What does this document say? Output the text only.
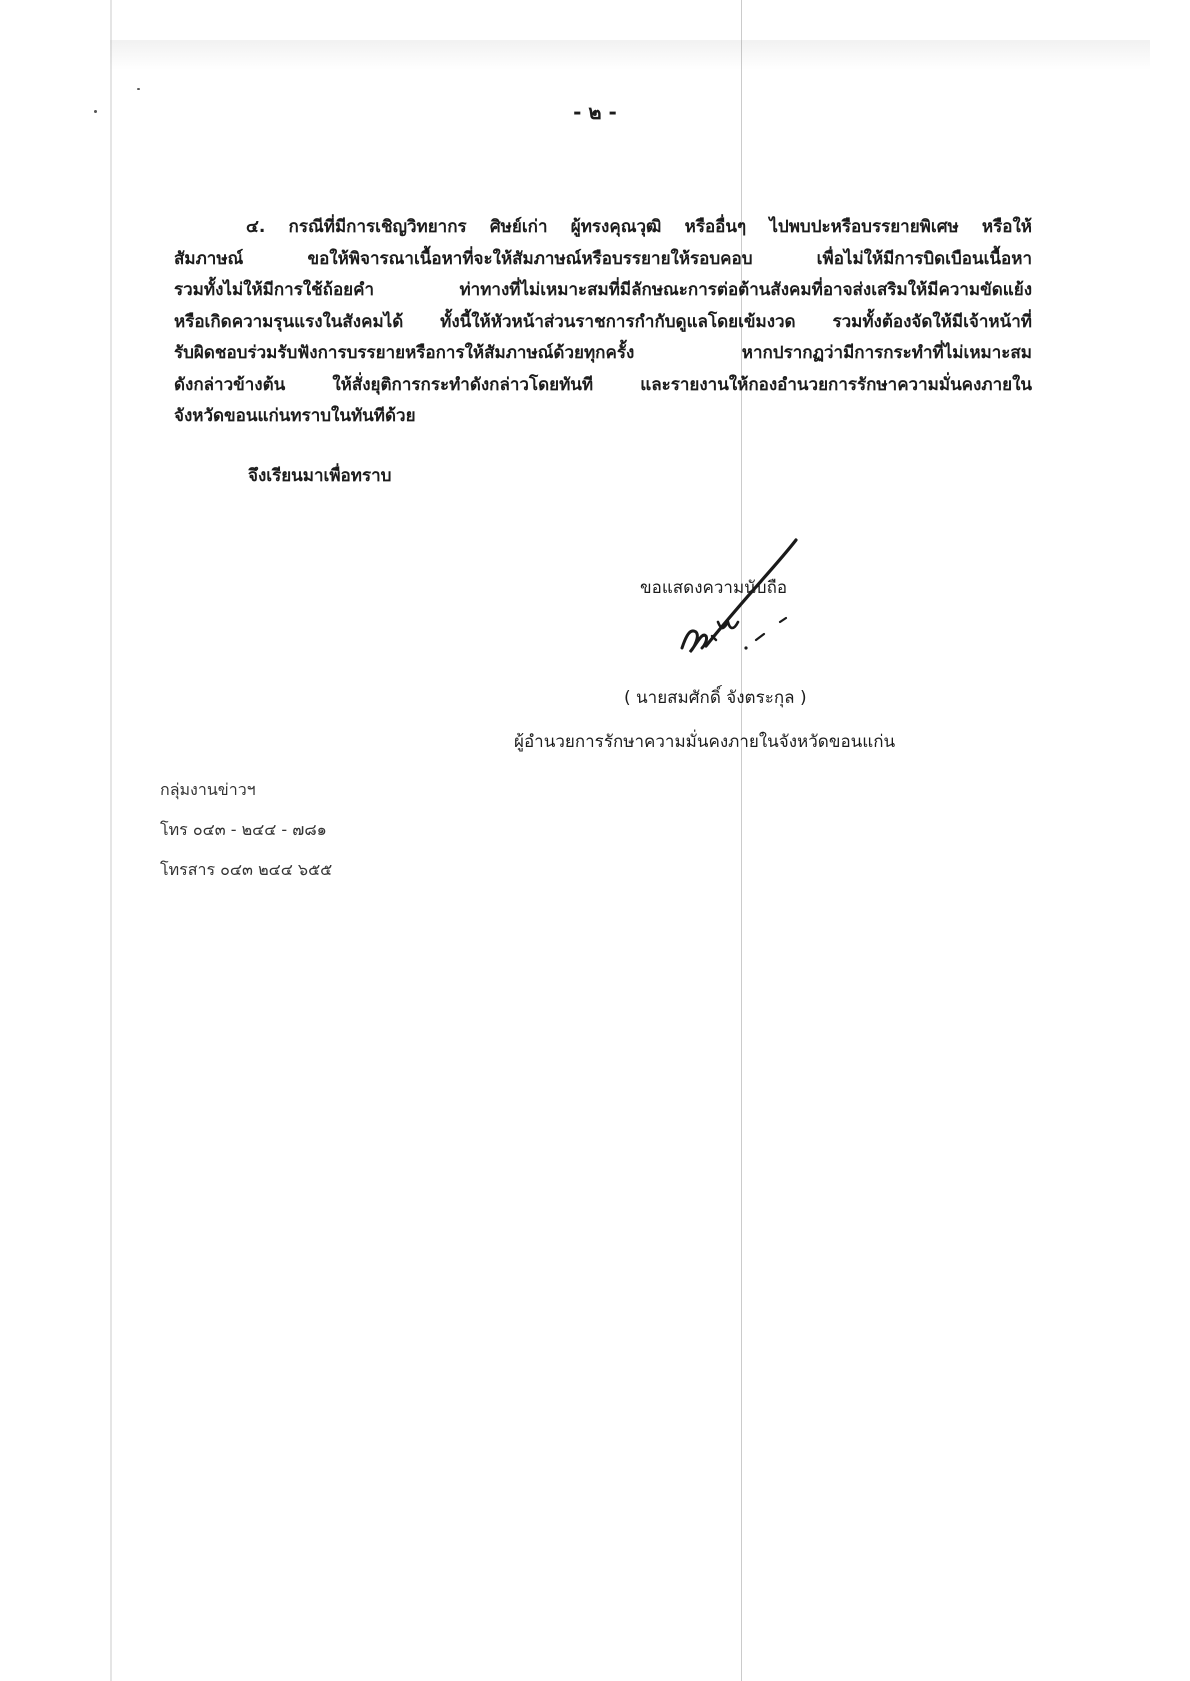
- ๒ -
๔. กรณีที่มีการเชิญวิทยากร ศิษย์เก่า ผู้ทรงคุณวุฒิ หรืออื่นๆ ไปพบปะหรือบรรยายพิเศษ หรือให้
สัมภาษณ์ ขอให้พิจารณาเนื้อหาที่จะให้สัมภาษณ์หรือบรรยายให้รอบคอบ เพื่อไม่ให้มีการบิดเบือนเนื้อหา
รวมทั้งไม่ให้มีการใช้ถ้อยคำ ท่าทางที่ไม่เหมาะสมที่มีลักษณะการต่อต้านสังคมที่อาจส่งเสริมให้มีความขัดแย้ง
หรือเกิดความรุนแรงในสังคมได้ ทั้งนี้ให้หัวหน้าส่วนราชการกำกับดูแลโดยเข้มงวด รวมทั้งต้องจัดให้มีเจ้าหน้าที่
รับผิดชอบร่วมรับฟังการบรรยายหรือการให้สัมภาษณ์ด้วยทุกครั้ง หากปรากฏว่ามีการกระทำที่ไม่เหมาะสม
ดังกล่าวข้างต้น ให้สั่งยุติการกระทำดังกล่าวโดยทันที และรายงานให้กองอำนวยการรักษาความมั่นคงภายใน
จังหวัดขอนแก่นทราบในทันทีด้วย
จึงเรียนมาเพื่อทราบ
ขอแสดงความนับถือ
( นายสมศักดิ์ จังตระกุล )
ผู้อำนวยการรักษาความมั่นคงภายในจังหวัดขอนแก่น
กลุ่มงานข่าวฯ
โทร ๐๔๓ - ๒๔๔ - ๗๘๑
โทรสาร ๐๔๓ ๒๔๔ ๖๕๕
